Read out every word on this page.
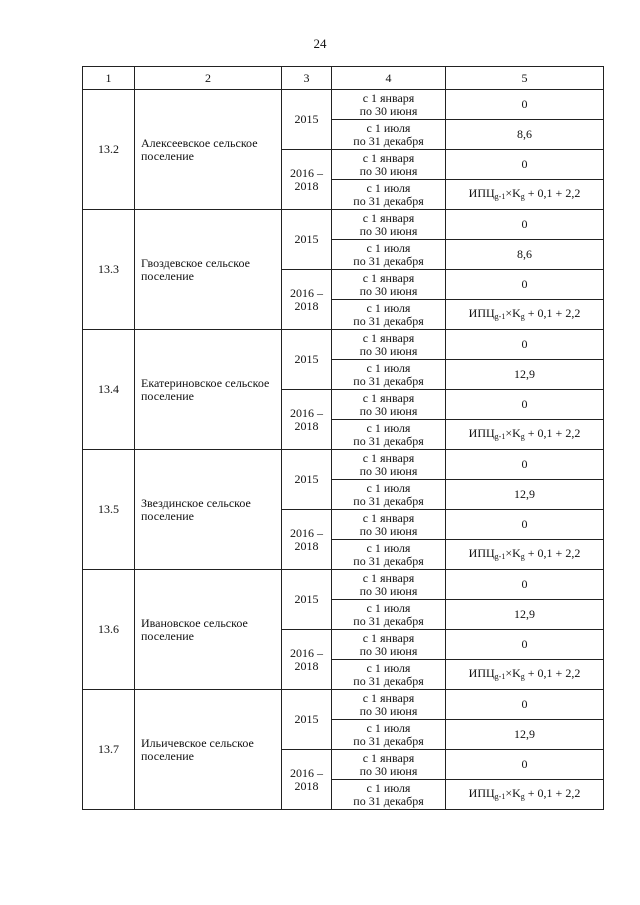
24
1	2	3	4	5
13.2	Алексеевское сельское поселение	2015	с 1 января
по 30 июня	0

			с 1 июля
по 31 декабря	8,6
		2016 – 2018	с 1 января
по 30 июня	0

			с 1 июля
по 31 декабря	$ИПЦ_{g-1}\times K_g + 0,1 + 2,2$
13.3	Гвоздевское сельское поселение	2015	с 1 января
по 30 июня	0

			с 1 июля
по 31 декабря	8,6
		2016 – 2018	с 1 января
по 30 июня	0

			с 1 июля
по 31 декабря	$ИПЦ_{g-1}\times K_g + 0,1 + 2,2$
13.4	Екатериновское сельское поселение	2015	с 1 января
по 30 июня	0

			с 1 июля
по 31 декабря	12,9
		2016 – 2018	с 1 января
по 30 июня	0

			с 1 июля
по 31 декабря	$ИПЦ_{g-1}\times K_g + 0,1 + 2,2$
13.5	Звездинское сельское поселение	2015	с 1 января
по 30 июня	0

			с 1 июля
по 31 декабря	12,9
		2016 – 2018	с 1 января
по 30 июня	0

			с 1 июля
по 31 декабря	$ИПЦ_{g-1}\times K_g + 0,1 + 2,2$
13.6	Ивановское сельское поселение	2015	с 1 января
по 30 июня	0

			с 1 июля
по 31 декабря	12,9
		2016 – 2018	с 1 января
по 30 июня	0

			с 1 июля
по 31 декабря	$ИПЦ_{g-1}\times K_g + 0,1 + 2,2$
13.7	Ильичевское сельское поселение	2015	с 1 января
по 30 июня	0

			с 1 июля
по 31 декабря	12,9
		2016 – 2018	с 1 января
по 30 июня	0

			с 1 июля
по 31 декабря	$ИПЦ_{g-1}\times K_g + 0,1 + 2,2$
